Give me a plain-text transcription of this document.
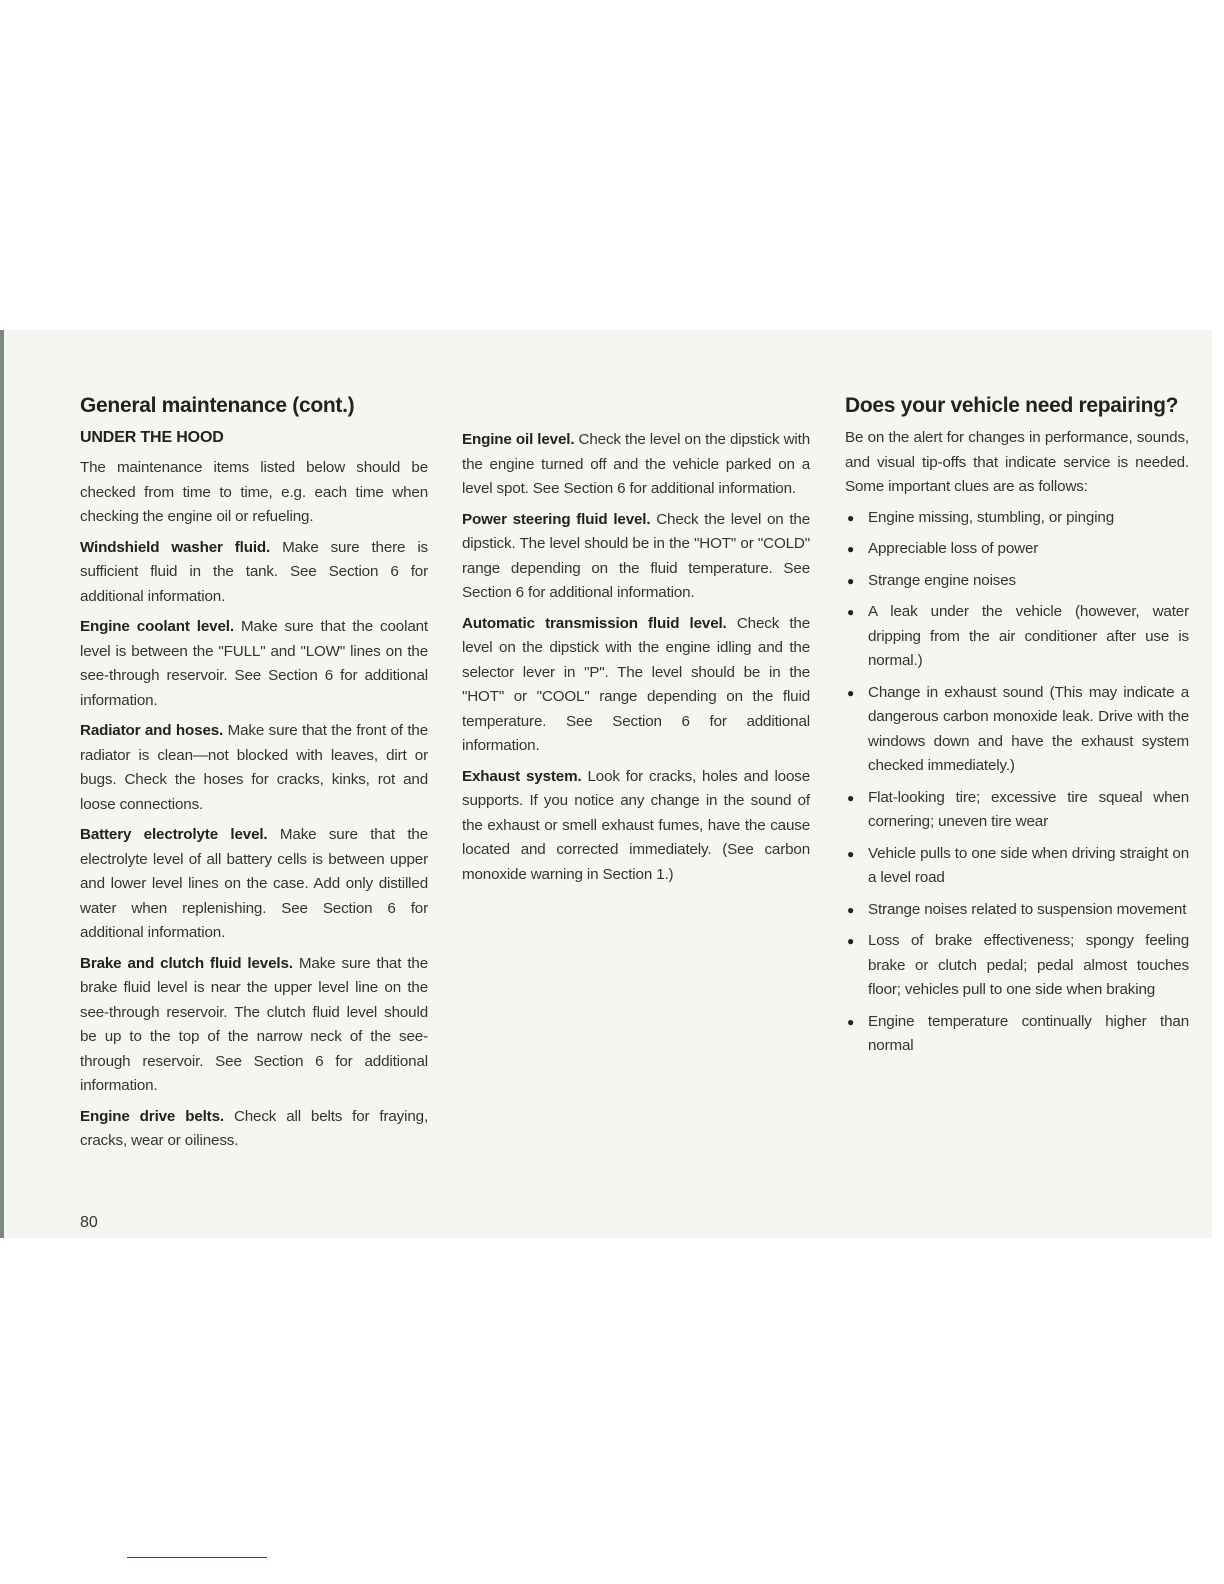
General maintenance (cont.)
UNDER THE HOOD

The maintenance items listed below should be checked from time to time, e.g. each time when checking the engine oil or refueling.

Windshield washer fluid. Make sure there is sufficient fluid in the tank. See Section 6 for additional information.

Engine coolant level. Make sure that the coolant level is between the "FULL" and "LOW" lines on the see-through reservoir. See Section 6 for additional information.

Radiator and hoses. Make sure that the front of the radiator is clean—not blocked with leaves, dirt or bugs. Check the hoses for cracks, kinks, rot and loose connections.

Battery electrolyte level. Make sure that the electrolyte level of all battery cells is between upper and lower level lines on the case. Add only distilled water when replenishing. See Section 6 for additional information.

Brake and clutch fluid levels. Make sure that the brake fluid level is near the upper level line on the see-through reservoir. The clutch fluid level should be up to the top of the narrow neck of the see-through reservoir. See Section 6 for additional information.

Engine drive belts. Check all belts for fraying, cracks, wear or oiliness.

Engine oil level. Check the level on the dipstick with the engine turned off and the vehicle parked on a level spot. See Section 6 for additional information.

Power steering fluid level. Check the level on the dipstick. The level should be in the "HOT" or "COLD" range depending on the fluid temperature. See Section 6 for additional information.

Automatic transmission fluid level. Check the level on the dipstick with the engine idling and the selector lever in "P". The level should be in the "HOT" or "COOL" range depending on the fluid temperature. See Section 6 for additional information.

Exhaust system. Look for cracks, holes and loose supports. If you notice any change in the sound of the exhaust or smell exhaust fumes, have the cause located and corrected immediately. (See carbon monoxide warning in Section 1.)

Does your vehicle need repairing?

Be on the alert for changes in performance, sounds, and visual tip-offs that indicate service is needed. Some important clues are as follows:

● Engine missing, stumbling, or pinging
● Appreciable loss of power
● Strange engine noises
● A leak under the vehicle (however, water dripping from the air conditioner after use is normal.)
● Change in exhaust sound (This may indicate a dangerous carbon monoxide leak. Drive with the windows down and have the exhaust system checked immediately.)
● Flat-looking tire; excessive tire squeal when cornering; uneven tire wear
● Vehicle pulls to one side when driving straight on a level road
● Strange noises related to suspension movement
● Loss of brake effectiveness; spongy feeling brake or clutch pedal; pedal almost touches floor; vehicles pull to one side when braking
● Engine temperature continually higher than normal
80
